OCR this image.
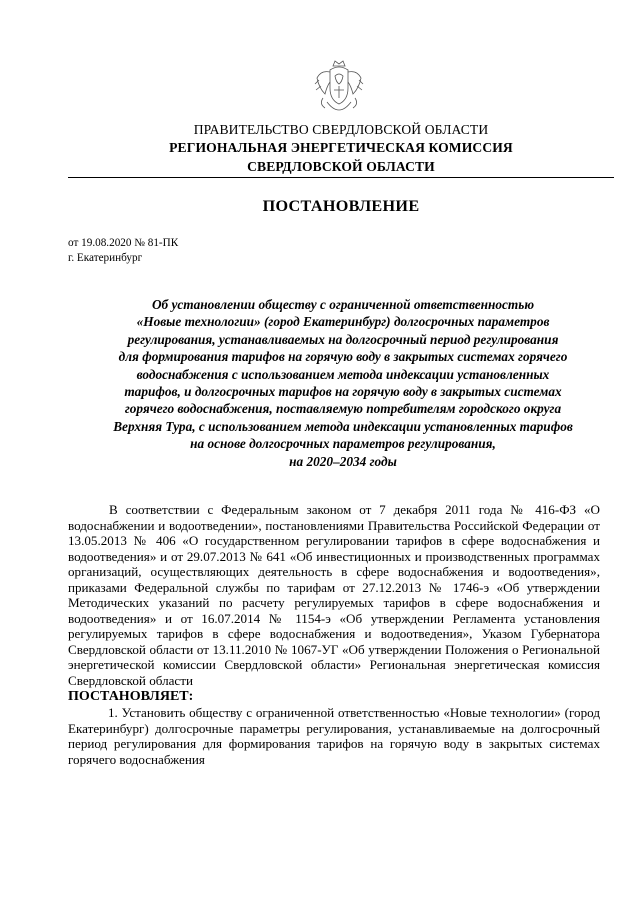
ПРАВИТЕЛЬСТВО СВЕРДЛОВСКОЙ ОБЛАСТИ
РЕГИОНАЛЬНАЯ ЭНЕРГЕТИЧЕСКАЯ КОМИССИЯ
СВЕРДЛОВСКОЙ ОБЛАСТИ
ПОСТАНОВЛЕНИЕ
от 19.08.2020 № 81-ПК
г. Екатеринбург
Об установлении обществу с ограниченной ответственностью
«Новые технологии» (город Екатеринбург) долгосрочных параметров
регулирования, устанавливаемых на долгосрочный период регулирования
для формирования тарифов на горячую воду в закрытых системах горячего
водоснабжения с использованием метода индексации установленных
тарифов, и долгосрочных тарифов на горячую воду в закрытых системах
горячего водоснабжения, поставляемую потребителям городского округа
Верхняя Тура, с использованием метода индексации установленных тарифов
на основе долгосрочных параметров регулирования,
на 2020–2034 годы

В соответствии с Федеральным законом от 7 декабря 2011 года № 416-ФЗ «О водоснабжении и водоотведении», постановлениями Правительства Российской Федерации от 13.05.2013 № 406 «О государственном регулировании тарифов в сфере водоснабжения и водоотведения» и от 29.07.2013 № 641 «Об инвестиционных и производственных программах организаций, осуществляющих деятельность в сфере водоснабжения и водоотведения», приказами Федеральной службы по тарифам от 27.12.2013 № 1746-э «Об утверждении Методических указаний по расчету регулируемых тарифов в сфере водоснабжения и водоотведения» и от 16.07.2014 № 1154-э «Об утверждении Регламента установления регулируемых тарифов в сфере водоснабжения и водоотведения», Указом Губернатора Свердловской области от 13.11.2010 № 1067-УГ «Об утверждении Положения о Региональной энергетической комиссии Свердловской области» Региональная энергетическая комиссия Свердловской области

ПОСТАНОВЛЯЕТ:

1. Установить обществу с ограниченной ответственностью «Новые технологии» (город Екатеринбург) долгосрочные параметры регулирования, устанавливаемые на долгосрочный период регулирования для формирования тарифов на горячую воду в закрытых системах горячего водоснабжения
